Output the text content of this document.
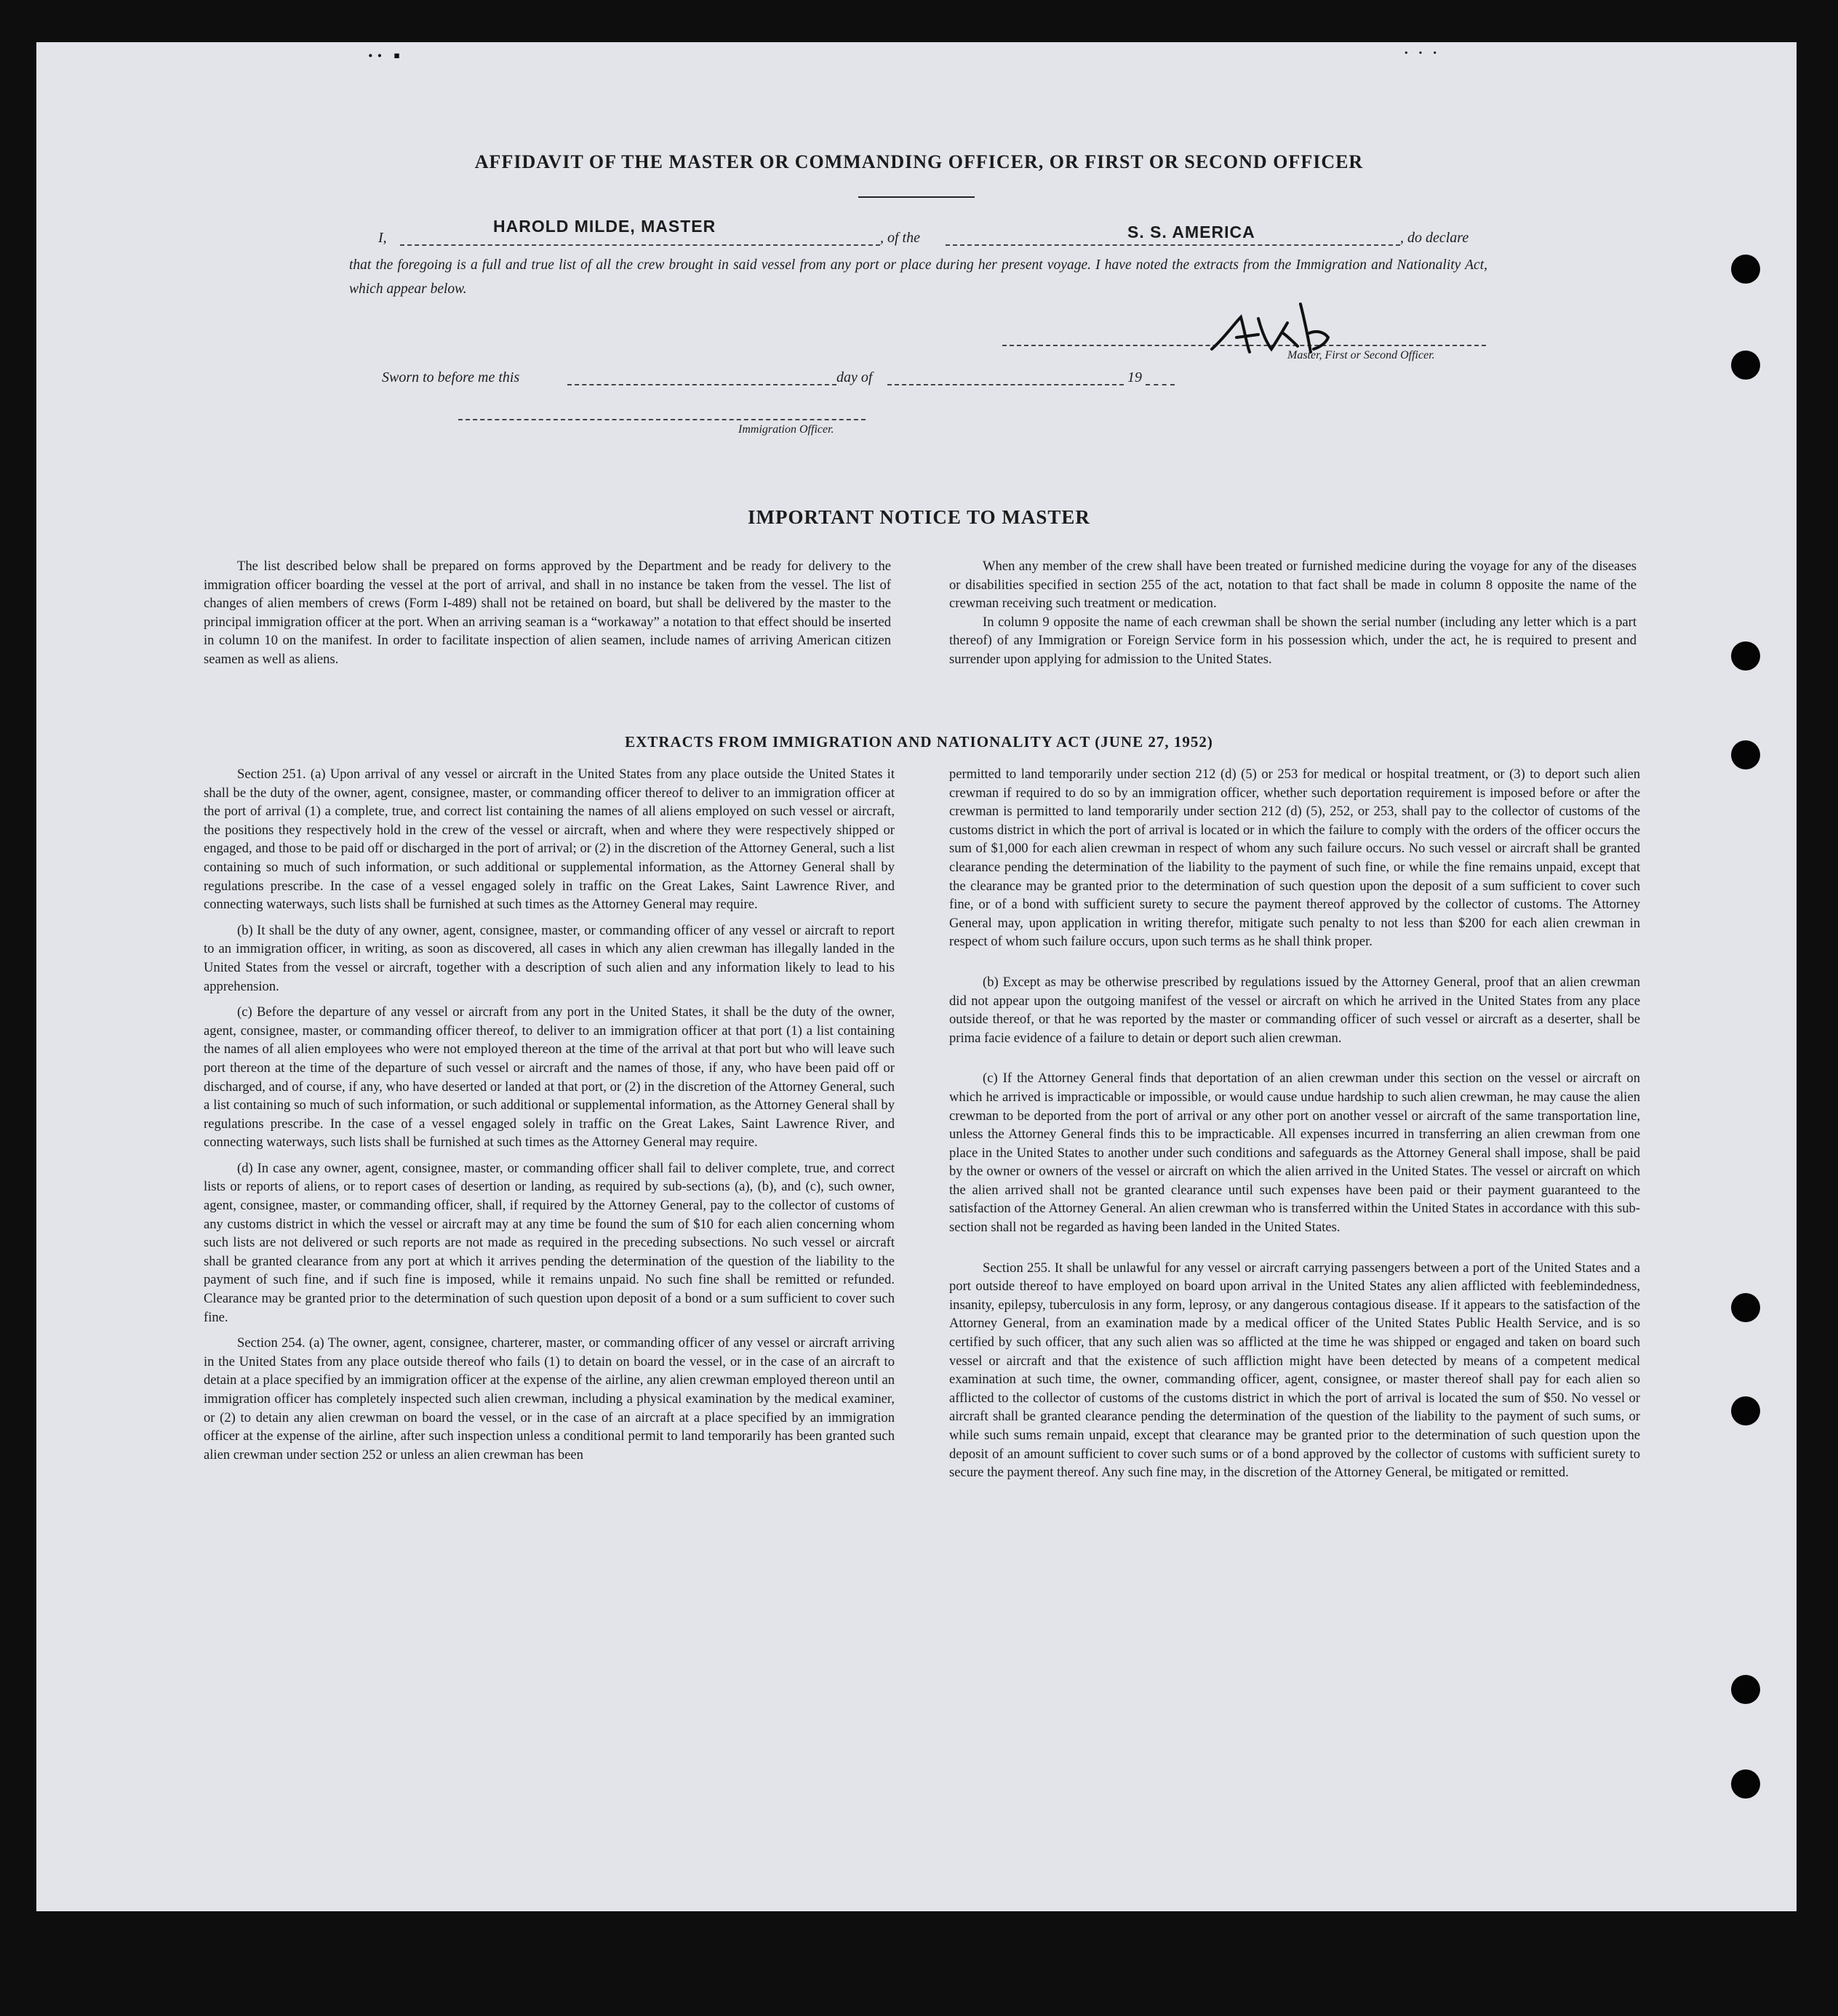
·· ▪	· · ·
AFFIDAVIT OF THE MASTER OR COMMANDING OFFICER, OR FIRST OR SECOND OFFICER
I,
HAROLD MILDE, MASTER
, of the	S. S. AMERICA	, do declare
that the foregoing is a full and true list of all the crew brought in said vessel from any port or place during her present voyage. I have noted the extracts from the Immigration and Nationality Act, which appear below.
Master, First or Second Officer.
Sworn to before me this	day of	19
Immigration Officer.
IMPORTANT NOTICE TO MASTER

The list described below shall be prepared on forms approved by the Department and be ready for delivery to the immigration officer boarding the vessel at the port of arrival, and shall in no instance be taken from the vessel. The list of changes of alien members of crews (Form I-489) shall not be retained on board, but shall be delivered by the master to the principal immigration officer at the port. When an arriving seaman is a “workaway” a notation to that effect should be inserted in column 10 on the manifest. In order to facilitate inspection of alien seamen, include names of arriving American citizen seamen as well as aliens.

When any member of the crew shall have been treated or furnished medicine during the voyage for any of the diseases or disabilities specified in section 255 of the act, notation to that fact shall be made in column 8 opposite the name of the crewman receiving such treatment or medication.

In column 9 opposite the name of each crewman shall be shown the serial number (including any letter which is a part thereof) of any Immigration or Foreign Service form in his possession which, under the act, he is required to present and surrender upon applying for admission to the United States.

EXTRACTS FROM IMMIGRATION AND NATIONALITY ACT (JUNE 27, 1952)

Section 251. (a) Upon arrival of any vessel or aircraft in the United States from any place outside the United States it shall be the duty of the owner, agent, consignee, master, or commanding officer thereof to deliver to an immigration officer at the port of arrival (1) a complete, true, and correct list containing the names of all aliens employed on such vessel or aircraft, the positions they respectively hold in the crew of the vessel or aircraft, when and where they were respectively shipped or engaged, and those to be paid off or discharged in the port of arrival; or (2) in the discretion of the Attorney General, such a list containing so much of such information, or such additional or supplemental information, as the Attorney General shall by regulations prescribe. In the case of a vessel engaged solely in traffic on the Great Lakes, Saint Lawrence River, and connecting waterways, such lists shall be furnished at such times as the Attorney General may require.

(b) It shall be the duty of any owner, agent, consignee, master, or commanding officer of any vessel or aircraft to report to an immigration officer, in writing, as soon as discovered, all cases in which any alien crewman has illegally landed in the United States from the vessel or aircraft, together with a description of such alien and any information likely to lead to his apprehension.

(c) Before the departure of any vessel or aircraft from any port in the United States, it shall be the duty of the owner, agent, consignee, master, or commanding officer thereof, to deliver to an immigration officer at that port (1) a list containing the names of all alien employees who were not employed thereon at the time of the arrival at that port but who will leave such port thereon at the time of the departure of such vessel or aircraft and the names of those, if any, who have been paid off or discharged, and of course, if any, who have deserted or landed at that port, or (2) in the discretion of the Attorney General, such a list containing so much of such information, or such additional or supplemental information, as the Attorney General shall by regulations prescribe. In the case of a vessel engaged solely in traffic on the Great Lakes, Saint Lawrence River, and connecting waterways, such lists shall be furnished at such times as the Attorney General may require.

(d) In case any owner, agent, consignee, master, or commanding officer shall fail to deliver complete, true, and correct lists or reports of aliens, or to report cases of desertion or landing, as required by sub-sections (a), (b), and (c), such owner, agent, consignee, master, or commanding officer, shall, if required by the Attorney General, pay to the collector of customs of any customs district in which the vessel or aircraft may at any time be found the sum of $10 for each alien concerning whom such lists are not delivered or such reports are not made as required in the preceding subsections. No such vessel or aircraft shall be granted clearance from any port at which it arrives pending the determination of the question of the liability to the payment of such fine, and if such fine is imposed, while it remains unpaid. No such fine shall be remitted or refunded. Clearance may be granted prior to the determination of such question upon deposit of a bond or a sum sufficient to cover such fine.

Section 254. (a) The owner, agent, consignee, charterer, master, or commanding officer of any vessel or aircraft arriving in the United States from any place outside thereof who fails (1) to detain on board the vessel, or in the case of an aircraft to detain at a place specified by an immigration officer at the expense of the airline, any alien crewman employed thereon until an immigration officer has completely inspected such alien crewman, including a physical examination by the medical examiner, or (2) to detain any alien crewman on board the vessel, or in the case of an aircraft at a place specified by an immigration officer at the expense of the airline, after such inspection unless a conditional permit to land temporarily has been granted such alien crewman under section 252 or unless an alien crewman has been

permitted to land temporarily under section 212 (d) (5) or 253 for medical or hospital treatment, or (3) to deport such alien crewman if required to do so by an immigration officer, whether such deportation requirement is imposed before or after the crewman is permitted to land temporarily under section 212 (d) (5), 252, or 253, shall pay to the collector of customs of the customs district in which the port of arrival is located or in which the failure to comply with the orders of the officer occurs the sum of $1,000 for each alien crewman in respect of whom any such failure occurs. No such vessel or aircraft shall be granted clearance pending the determination of the liability to the payment of such fine, or while the fine remains unpaid, except that the clearance may be granted prior to the determination of such question upon the deposit of a sum sufficient to cover such fine, or of a bond with sufficient surety to secure the payment thereof approved by the collector of customs. The Attorney General may, upon application in writing therefor, mitigate such penalty to not less than $200 for each alien crewman in respect of whom such failure occurs, upon such terms as he shall think proper.

(b) Except as may be otherwise prescribed by regulations issued by the Attorney General, proof that an alien crewman did not appear upon the outgoing manifest of the vessel or aircraft on which he arrived in the United States from any place outside thereof, or that he was reported by the master or commanding officer of such vessel or aircraft as a deserter, shall be prima facie evidence of a failure to detain or deport such alien crewman.

(c) If the Attorney General finds that deportation of an alien crewman under this section on the vessel or aircraft on which he arrived is impracticable or impossible, or would cause undue hardship to such alien crewman, he may cause the alien crewman to be deported from the port of arrival or any other port on another vessel or aircraft of the same transportation line, unless the Attorney General finds this to be impracticable. All expenses incurred in transferring an alien crewman from one place in the United States to another under such conditions and safeguards as the Attorney General shall impose, shall be paid by the owner or owners of the vessel or aircraft on which the alien arrived in the United States. The vessel or aircraft on which the alien arrived shall not be granted clearance until such expenses have been paid or their payment guaranteed to the satisfaction of the Attorney General. An alien crewman who is transferred within the United States in accordance with this sub-section shall not be regarded as having been landed in the United States.

Section 255. It shall be unlawful for any vessel or aircraft carrying passengers between a port of the United States and a port outside thereof to have employed on board upon arrival in the United States any alien afflicted with feeblemindedness, insanity, epilepsy, tuberculosis in any form, leprosy, or any dangerous contagious disease. If it appears to the satisfaction of the Attorney General, from an examination made by a medical officer of the United States Public Health Service, and is so certified by such officer, that any such alien was so afflicted at the time he was shipped or engaged and taken on board such vessel or aircraft and that the existence of such affliction might have been detected by means of a competent medical examination at such time, the owner, commanding officer, agent, consignee, or master thereof shall pay for each alien so afflicted to the collector of customs of the customs district in which the port of arrival is located the sum of $50. No vessel or aircraft shall be granted clearance pending the determination of the question of the liability to the payment of such sums, or while such sums remain unpaid, except that clearance may be granted prior to the determination of such question upon the deposit of an amount sufficient to cover such sums or of a bond approved by the collector of customs with sufficient surety to secure the payment thereof. Any such fine may, in the discretion of the Attorney General, be mitigated or remitted.
